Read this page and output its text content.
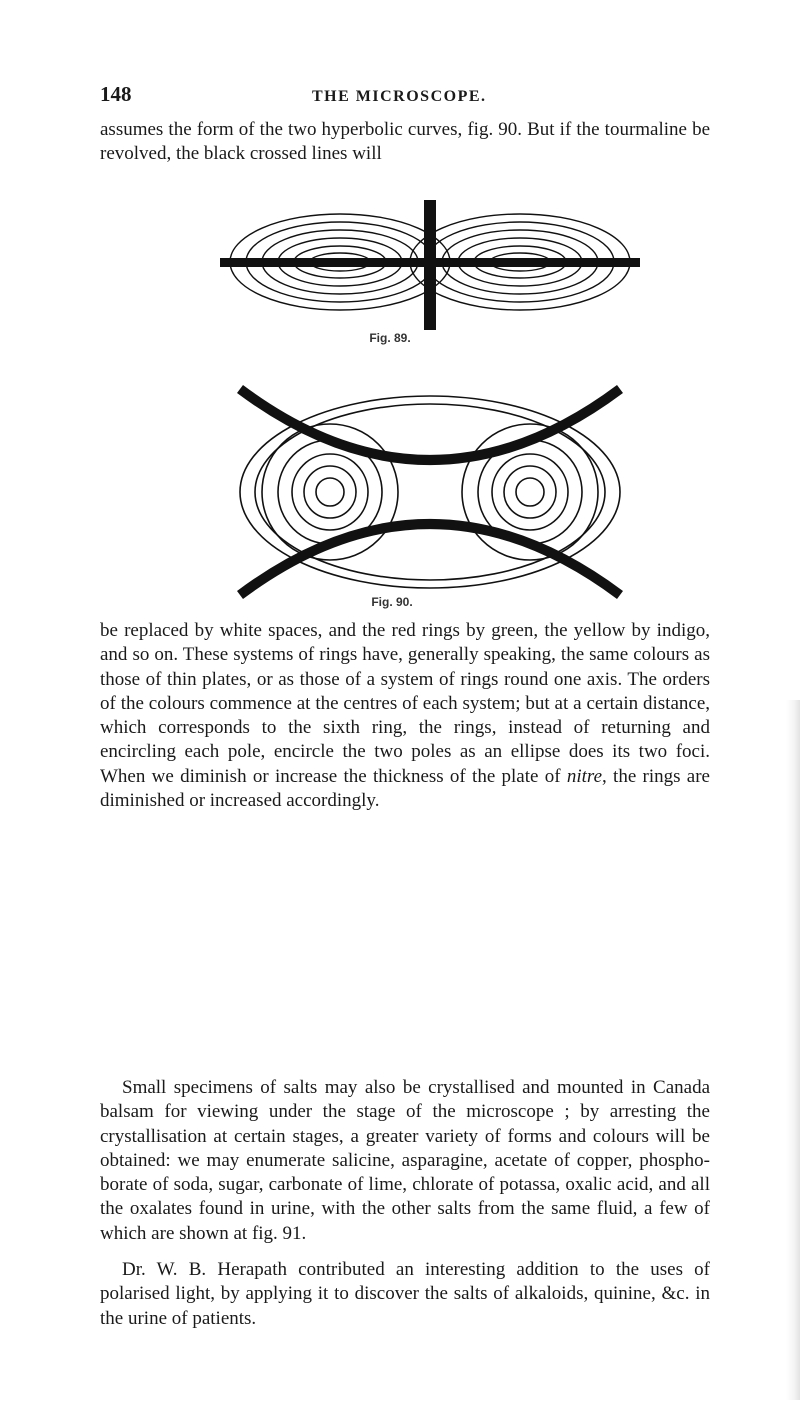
148	THE MICROSCOPE.

assumes the form of the two hyperbolic curves, fig. 90. But if the tourmaline be revolved, the black crossed lines will

Fig. 89.
Fig. 90.

be replaced by white spaces, and the red rings by green, the yellow by indigo, and so on. These systems of rings have, generally speaking, the same colours as those of thin plates, or as those of a system of rings round one axis. The orders of the colours commence at the centres of each system; but at a certain distance, which corresponds to the sixth ring, the rings, instead of returning and encircling each pole, encircle the two poles as an ellipse does its two foci. When we diminish or increase the thickness of the plate of nitre, the rings are diminished or increased accordingly.

Small specimens of salts may also be crystallised and mounted in Canada balsam for viewing under the stage of the microscope ; by arresting the crystallisation at certain stages, a greater variety of forms and colours will be obtained: we may enumerate salicine, asparagine, acetate of copper, phospho-borate of soda, sugar, carbonate of lime, chlorate of potassa, oxalic acid, and all the oxalates found in urine, with the other salts from the same fluid, a few of which are shown at fig. 91.

Dr. W. B. Herapath contributed an interesting addition to the uses of polarised light, by applying it to discover the salts of alkaloids, quinine, &c. in the urine of patients.
